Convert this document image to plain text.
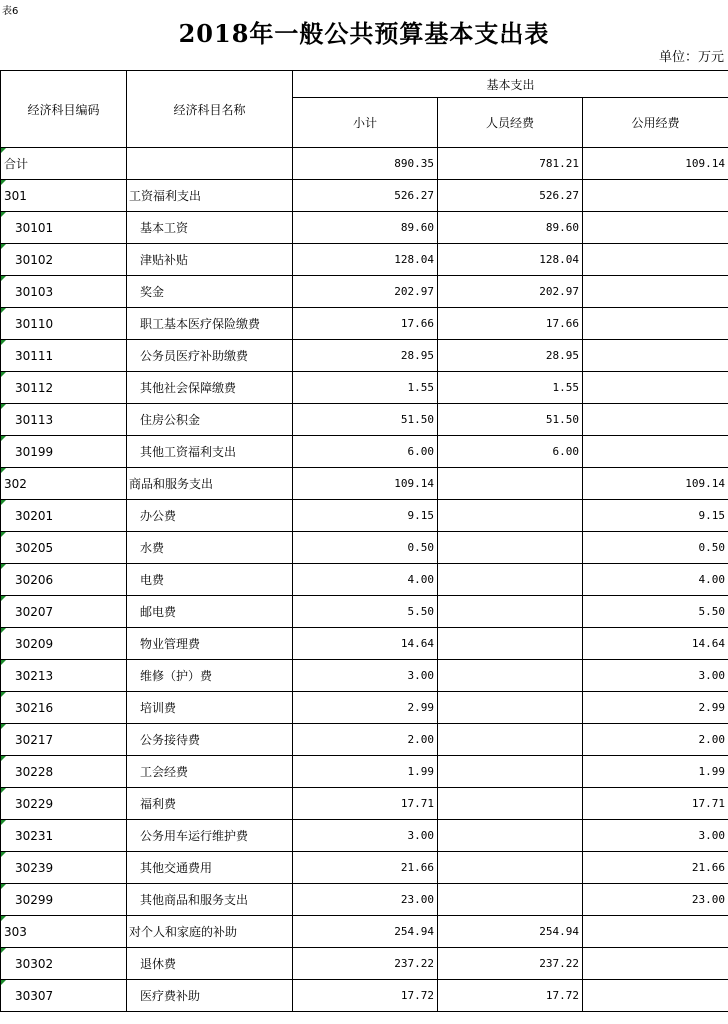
表6
2018年一般公共预算基本支出表
单位：万元
经济科目编码	经济科目名称	基本支出		
		小计	人员经费	公用经费

合计		890.35	781.21	109.14

301	工资福利支出	526.27	526.27	

30101	基本工资	89.60	89.60	

30102	津贴补贴	128.04	128.04	

30103	奖金	202.97	202.97	

30110	职工基本医疗保险缴费	17.66	17.66	

30111	公务员医疗补助缴费	28.95	28.95	

30112	其他社会保障缴费	1.55	1.55	

30113	住房公积金	51.50	51.50	

30199	其他工资福利支出	6.00	6.00	

302	商品和服务支出	109.14		109.14

30201	办公费	9.15		9.15

30205	水费	0.50		0.50

30206	电费	4.00		4.00

30207	邮电费	5.50		5.50

30209	物业管理费	14.64		14.64

30213	维修（护）费	3.00		3.00

30216	培训费	2.99		2.99

30217	公务接待费	2.00		2.00

30228	工会经费	1.99		1.99

30229	福利费	17.71		17.71

30231	公务用车运行维护费	3.00		3.00

30239	其他交通费用	21.66		21.66

30299	其他商品和服务支出	23.00		23.00

303	对个人和家庭的补助	254.94	254.94	

30302	退休费	237.22	237.22	

30307	医疗费补助	17.72	17.72	
